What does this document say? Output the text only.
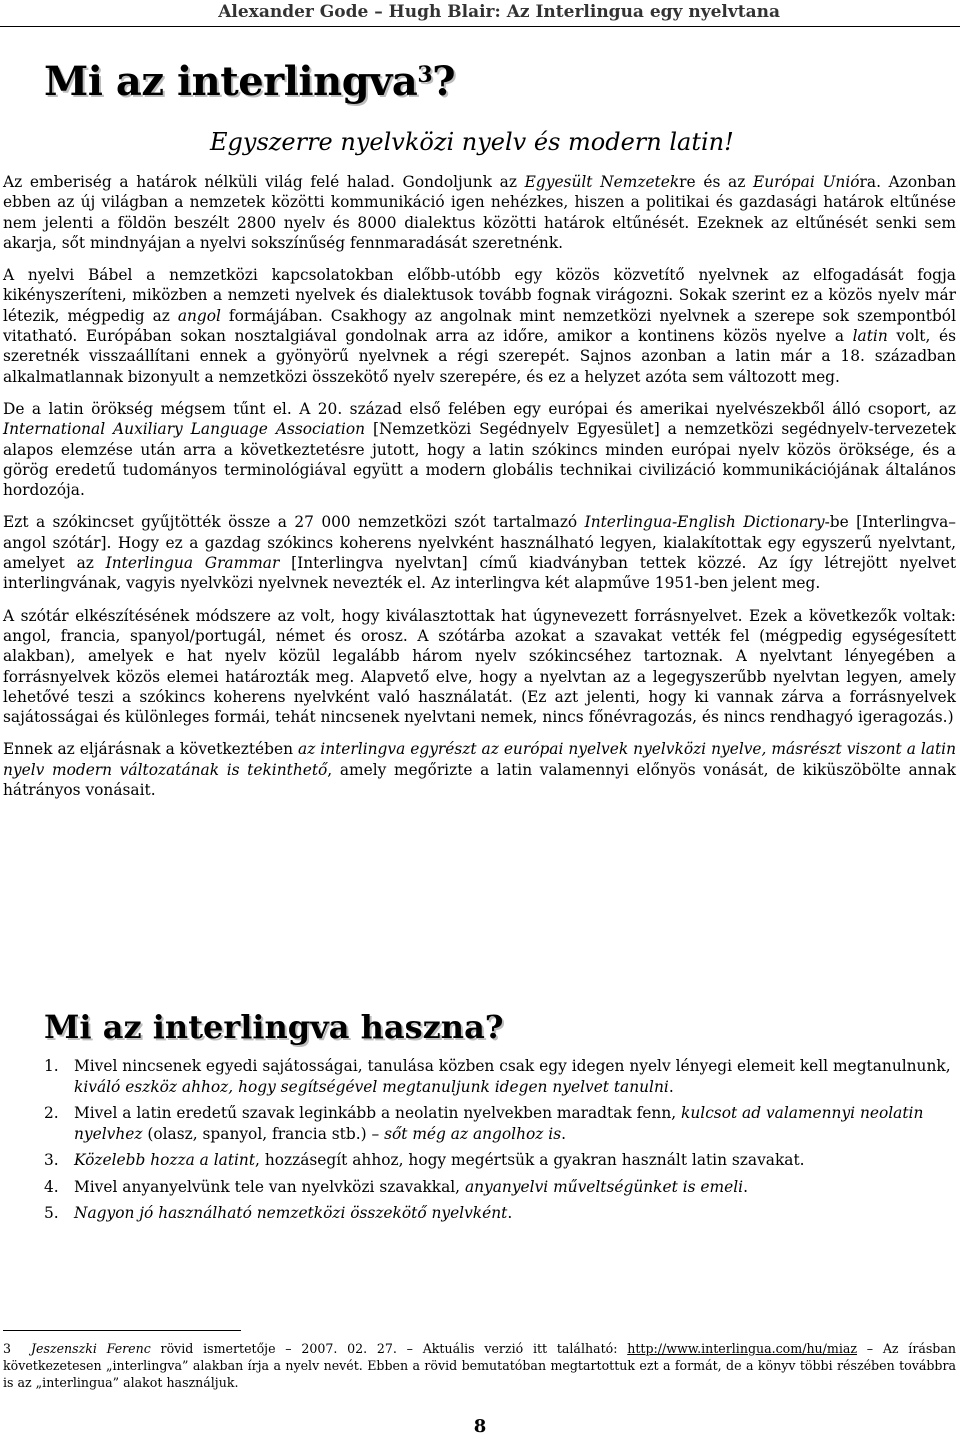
Alexander Gode – Hugh Blair: Az Interlingua egy nyelvtana
Mi az interlingva$^3$?
Egyszerre nyelvközi nyelv és modern latin!

Az emberiség a határok nélküli világ felé halad. Gondoljunk az Egyesült Nemzetekre és az Európai Unióra. Azonban ebben az új világban a nemzetek közötti kommunikáció igen nehézkes, hiszen a politikai és gazdasági határok eltűnése nem jelenti a földön beszélt 2800 nyelv és 8000 dialektus közötti határok eltűnését. Ezeknek az eltűnését senki sem akarja, sőt mindnyájan a nyelvi sokszínűség fennmaradását szeretnénk.

A nyelvi Bábel a nemzetközi kapcsolatokban előbb-utóbb egy közös közvetítő nyelvnek az elfogadását fogja kikényszeríteni, miközben a nemzeti nyelvek és dialektusok tovább fognak virágozni. Sokak szerint ez a közös nyelv már létezik, mégpedig az angol formájában. Csakhogy az angolnak mint nemzetközi nyelvnek a szerepe sok szempontból vitatható. Európában sokan nosztalgiával gondolnak arra az időre, amikor a kontinens közös nyelve a latin volt, és szeretnék visszaállítani ennek a gyönyörű nyelvnek a régi szerepét. Sajnos azonban a latin már a 18. században alkalmatlannak bizonyult a nemzetközi összekötő nyelv szerepére, és ez a helyzet azóta sem változott meg.

De a latin örökség mégsem tűnt el. A 20. század első felében egy európai és amerikai nyelvészekből álló csoport, az International Auxiliary Language Association [Nemzetközi Segédnyelv Egyesület] a nemzetközi segédnyelv-tervezetek alapos elemzése után arra a következtetésre jutott, hogy a latin szókincs minden európai nyelv közös öröksége, és a görög eredetű tudományos terminológiával együtt a modern globális technikai civilizáció kommunikációjának általános hordozója.

Ezt a szókincset gyűjtötték össze a 27 000 nemzetközi szót tartalmazó Interlingua-English Dictionary-be [Interlingva–angol szótár]. Hogy ez a gazdag szókincs koherens nyelvként használható legyen, kialakítottak egy egyszerű nyelvtant, amelyet az Interlingua Grammar [Interlingva nyelvtan] című kiadványban tettek közzé. Az így létrejött nyelvet interlingvának, vagyis nyelvközi nyelvnek nevezték el. Az interlingva két alapműve 1951-ben jelent meg.

A szótár elkészítésének módszere az volt, hogy kiválasztottak hat úgynevezett forrásnyelvet. Ezek a következők voltak: angol, francia, spanyol/portugál, német és orosz. A szótárba azokat a szavakat vették fel (mégpedig egységesített alakban), amelyek e hat nyelv közül legalább három nyelv szókincséhez tartoznak. A nyelvtant lényegében a forrásnyelvek közös elemei határozták meg. Alapvető elve, hogy a nyelvtan az a legegyszerűbb nyelvtan legyen, amely lehetővé teszi a szókincs koherens nyelvként való használatát. (Ez azt jelenti, hogy ki vannak zárva a forrásnyelvek sajátosságai és különleges formái, tehát nincsenek nyelvtani nemek, nincs főnévragozás, és nincs rendhagyó igeragozás.)

Ennek az eljárásnak a következtében az interlingva egyrészt az európai nyelvek nyelvközi nyelve, másrészt viszont a latin nyelv modern változatának is tekinthető, amely megőrizte a latin valamennyi előnyös vonását, de kiküszöbölte annak hátrányos vonásait.

Mi az interlingva haszna?
1. Mivel nincsenek egyedi sajátosságai, tanulása közben csak egy idegen nyelv lényegi elemeit kell megtanulnunk, kiváló eszköz ahhoz, hogy segítségével megtanuljunk idegen nyelvet tanulni.
2. Mivel a latin eredetű szavak leginkább a neolatin nyelvekben maradtak fenn, kulcsot ad valamennyi neolatin nyelvhez (olasz, spanyol, francia stb.) – sőt még az angolhoz is.
3. Közelebb hozza a latint, hozzásegít ahhoz, hogy megértsük a gyakran használt latin szavakat.
4. Mivel anyanyelvünk tele van nyelvközi szavakkal, anyanyelvi műveltségünket is emeli.
5. Nagyon jó használható nemzetközi összekötő nyelvként.
3 Jeszenszki Ferenc rövid ismertetője – 2007. 02. 27. – Aktuális verzió itt található: http://www.interlingua.com/hu/miaz – Az írásban következetesen „interlingva” alakban írja a nyelv nevét. Ebben a rövid bemutatóban megtartottuk ezt a formát, de a könyv többi részében továbbra is az „interlingua” alakot használjuk.
8
